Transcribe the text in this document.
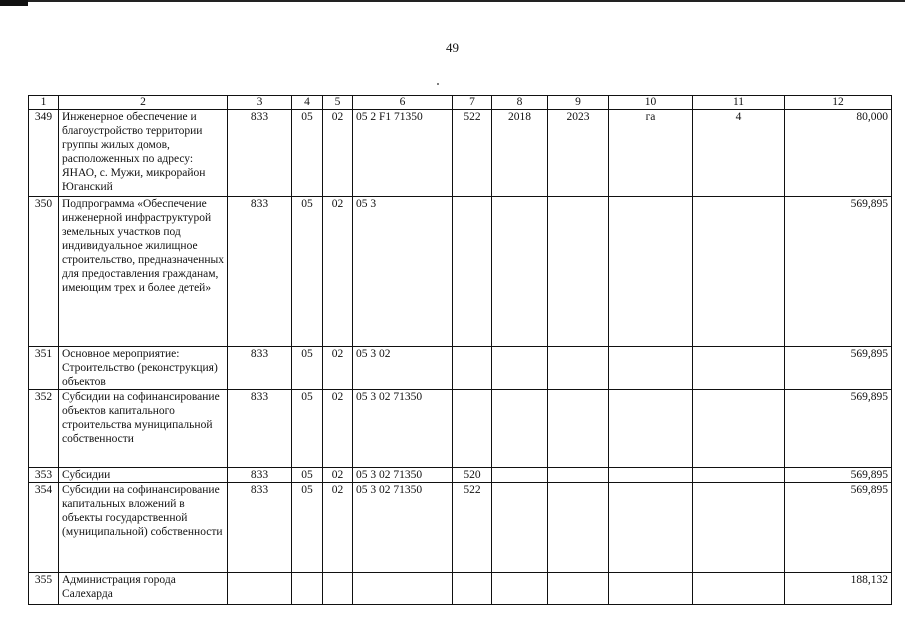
49
1	2	3	4	5	6	7	8	9	10	11	12
349	Инженерное обеспечение и благоустройство территории группы жилых домов, расположенных по адресу: ЯНАО, с. Мужи, микрорайон Юганский	833	05	02	05 2 F1 71350	522	2018	2023	га	4	80,000
350	Подпрограмма «Обеспечение инженерной инфраструктурой земельных участков под индивидуальное жилищное строительство, предназначенных для предоставления гражданам, имеющим трех и более детей»	833	05	02	05 3						569,895
351	Основное мероприятие: Строительство (реконструкция) объектов	833	05	02	05 3 02						569,895
352	Субсидии на софинансирование объектов капитального строительства муниципальной собственности	833	05	02	05 3 02 71350						569,895
353	Субсидии	833	05	02	05 3 02 71350	520					569,895
354	Субсидии на софинансирование капитальных вложений в объекты государственной (муниципальной) собственности	833	05	02	05 3 02 71350	522					569,895
355	Администрация города Салехарда										188,132
